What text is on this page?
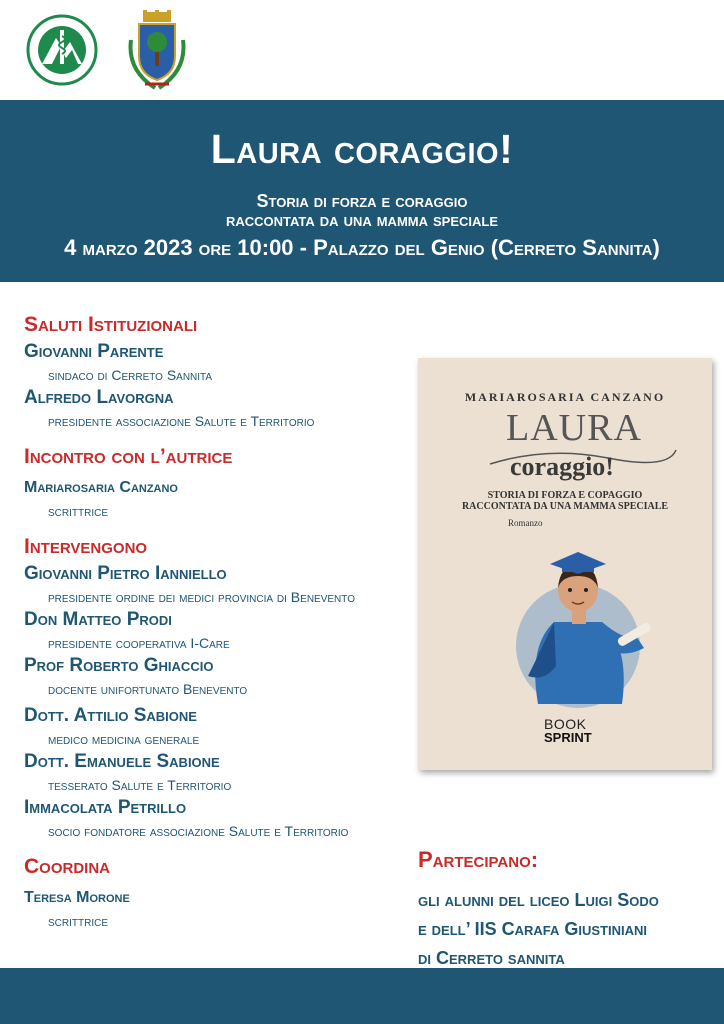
Laura coraggio!
Storia di forza e coraggio
raccontata da una mamma speciale
4 marzo 2023 ore 10:00 - Palazzo del Genio (Cerreto Sannita)

Saluti Istituzionali

Giovanni Parente

sindaco di Cerreto Sannita

Alfredo Lavorgna

presidente associazione Salute e Territorio

Incontro con l’autrice

Mariarosaria Canzano

scrittrice

Intervengono

Giovanni Pietro Ianniello

presidente ordine dei medici provincia di Benevento

Don Matteo Prodi

presidente cooperativa I-Care

Prof Roberto Ghiaccio

docente unifortunato Benevento

Dott. Attilio Sabione

medico medicina generale

Dott. Emanuele Sabione

tesserato Salute e Territorio

Immacolata Petrillo

socio fondatore associazione Salute e Territorio

Coordina

Teresa Morone

scrittrice

MARIAROSARIA CANZANO
LAURA
coraggio!
STORIA DI FORZA E COPAGGIO
RACCONTATA DA UNA MAMMA SPECIALE
Romanzo
BOOK
SPRINT

Partecipano:

gli alunni del liceo Luigi Sodo

e dell’ IIS Carafa Giustiniani

di Cerreto sannita
